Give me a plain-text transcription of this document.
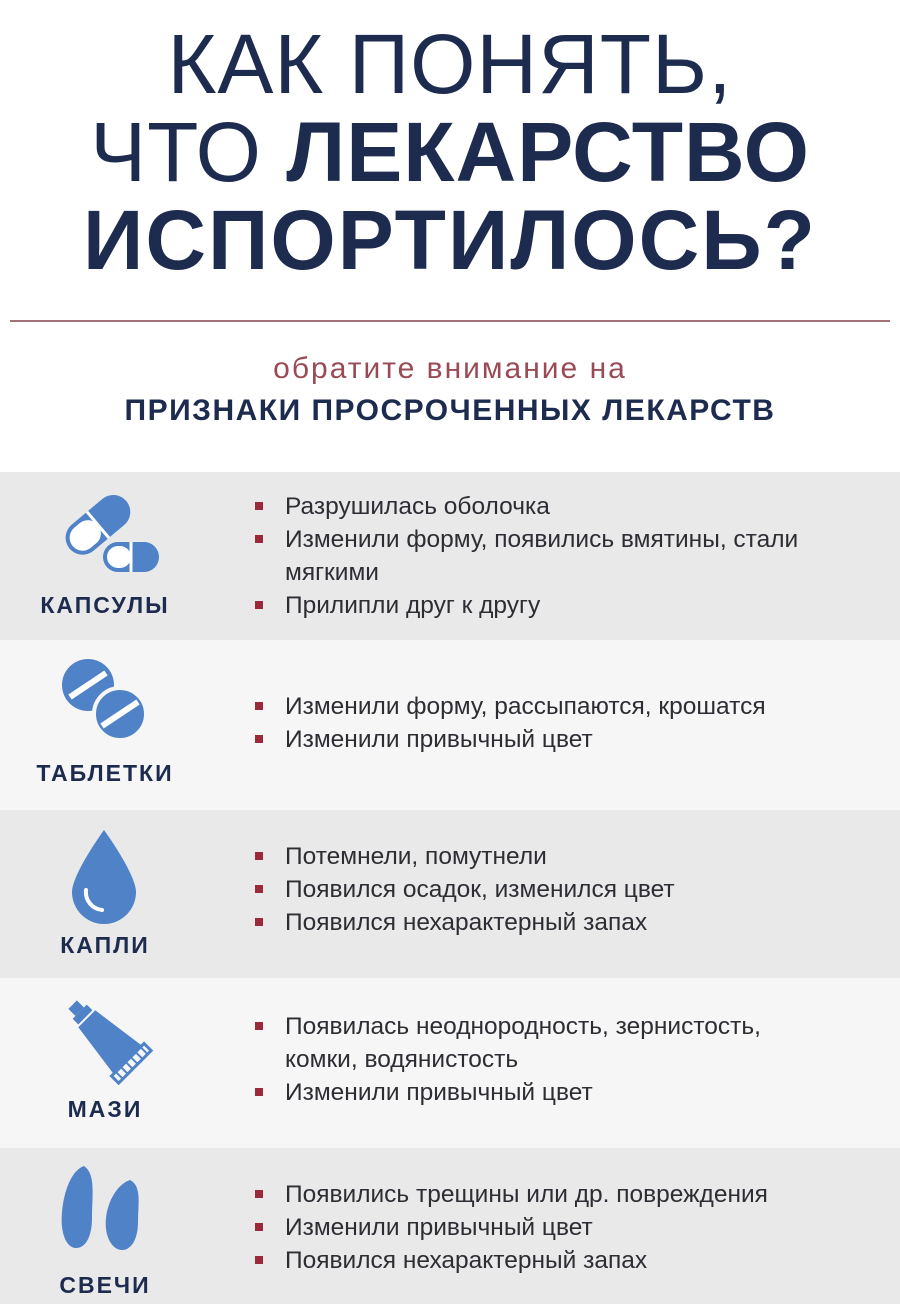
КАК ПОНЯТЬ,
ЧТО ЛЕКАРСТВО
ИСПОРТИЛОСЬ?
обратите внимание на
ПРИЗНАКИ ПРОСРОЧЕННЫХ ЛЕКАРСТВ
КАПСУЛЫ
Разрушилась оболочка
Изменили форму, появились вмятины, стали
мягкими
Прилипли друг к другу
ТАБЛЕТКИ
Изменили форму, рассыпаются, крошатся
Изменили привычный цвет
КАПЛИ
Потемнели, помутнели
Появился осадок, изменился цвет
Появился нехарактерный запах
МАЗИ
Появилась неоднородность, зернистость,
комки, водянистость
Изменили привычный цвет
СВЕЧИ
Появились трещины или др. повреждения
Изменили привычный цвет
Появился нехарактерный запах
